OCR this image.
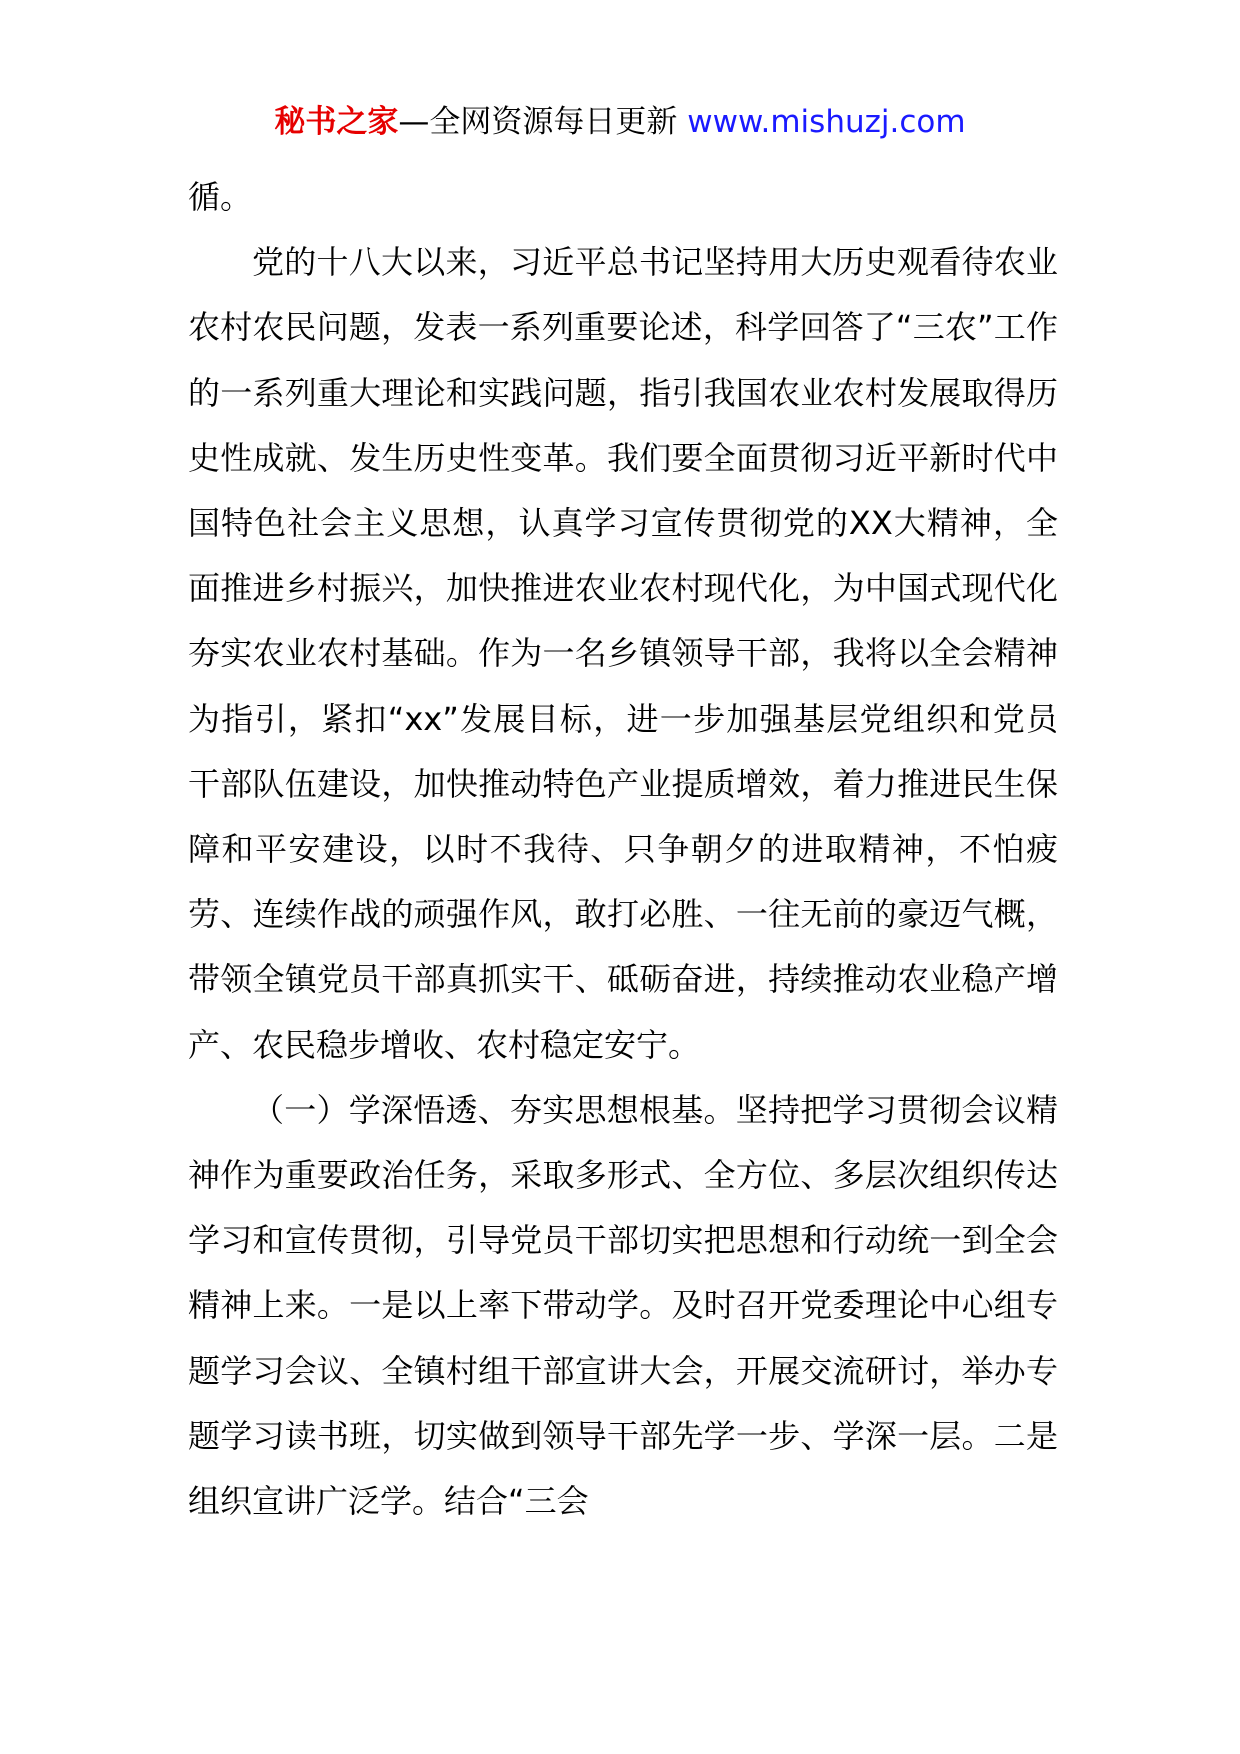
秘书之家—全网资源每日更新 www.mishuzj.com

循。

党的十八大以来，习近平总书记坚持用大历史观看待农业农村农民问题，发表一系列重要论述，科学回答了“三农”工作的一系列重大理论和实践问题，指引我国农业农村发展取得历史性成就、发生历史性变革。我们要全面贯彻习近平新时代中国特色社会主义思想，认真学习宣传贯彻党的XX大精神，全面推进乡村振兴，加快推进农业农村现代化，为中国式现代化夯实农业农村基础。作为一名乡镇领导干部，我将以全会精神为指引，紧扣“xx”发展目标，进一步加强基层党组织和党员干部队伍建设，加快推动特色产业提质增效，着力推进民生保障和平安建设，以时不我待、只争朝夕的进取精神，不怕疲劳、连续作战的顽强作风，敢打必胜、一往无前的豪迈气概，带领全镇党员干部真抓实干、砥砺奋进，持续推动农业稳产增产、农民稳步增收、农村稳定安宁。

（一）学深悟透、夯实思想根基。坚持把学习贯彻会议精神作为重要政治任务，采取多形式、全方位、多层次组织传达学习和宣传贯彻，引导党员干部切实把思想和行动统一到全会精神上来。一是以上率下带动学。及时召开党委理论中心组专题学习会议、全镇村组干部宣讲大会，开展交流研讨，举办专题学习读书班，切实做到领导干部先学一步、学深一层。二是组织宣讲广泛学。结合“三会
